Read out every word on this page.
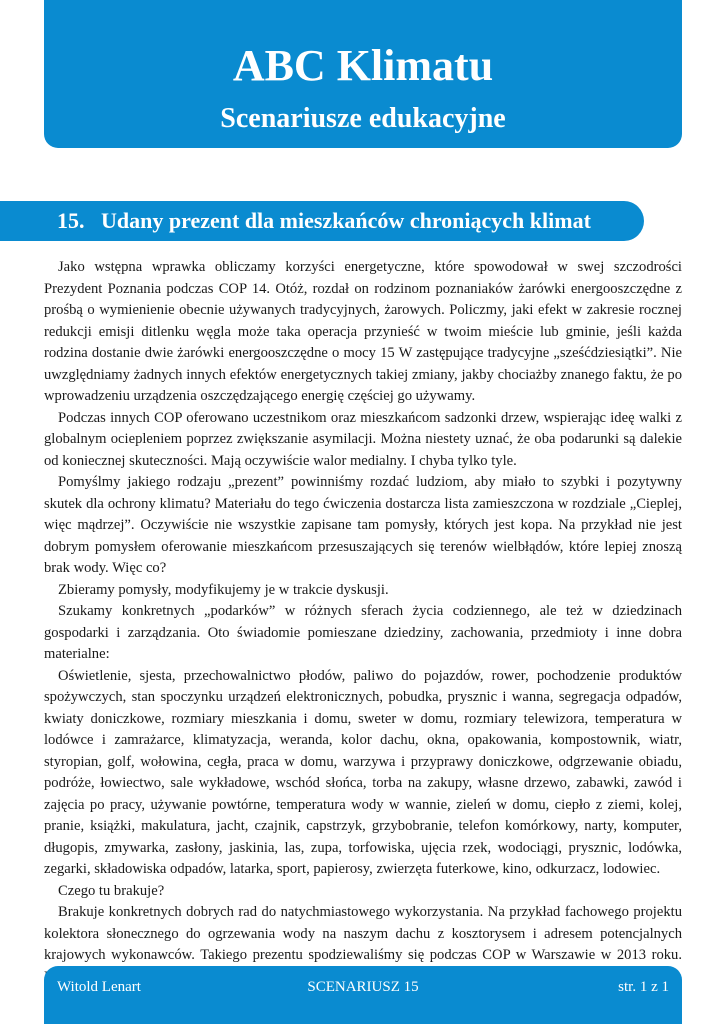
ABC Klimatu
Scenariusze edukacyjne
15. Udany prezent dla mieszkańców chroniących klimat

Jako wstępna wprawka obliczamy korzyści energetyczne, które spowodował w swej szczodrości Prezydent Poznania podczas COP 14. Otóż, rozdał on rodzinom poznaniaków żarówki energooszczędne z prośbą o wymienienie obecnie używanych tradycyjnych, żarowych. Policzmy, jaki efekt w zakresie rocznej redukcji emisji ditlenku węgla może taka operacja przynieść w twoim mieście lub gminie, jeśli każda rodzina dostanie dwie żarówki energooszczędne o mocy 15 W zastępujące tradycyjne „sześćdziesiątki”. Nie uwzględniamy żadnych innych efektów energetycznych takiej zmiany, jakby chociażby znanego faktu, że po wprowadzeniu urządzenia oszczędzającego energię częściej go używamy.

Podczas innych COP oferowano uczestnikom oraz mieszkańcom sadzonki drzew, wspierając ideę walki z globalnym ociepleniem poprzez zwiększanie asymilacji. Można niestety uznać, że oba podarunki są dalekie od koniecznej skuteczności. Mają oczywiście walor medialny. I chyba tylko tyle.

Pomyślmy jakiego rodzaju „prezent” powinniśmy rozdać ludziom, aby miało to szybki i pozytywny skutek dla ochrony klimatu? Materiału do tego ćwiczenia dostarcza lista zamieszczona w rozdziale „Cieplej, więc mądrzej”. Oczywiście nie wszystkie zapisane tam pomysły, których jest kopa. Na przykład nie jest dobrym pomysłem oferowanie mieszkańcom przesuszających się terenów wielbłądów, które lepiej znoszą brak wody. Więc co?

Zbieramy pomysły, modyfikujemy je w trakcie dyskusji.

Szukamy konkretnych „podarków” w różnych sferach życia codziennego, ale też w dziedzinach gospodarki i zarządzania. Oto świadomie pomieszane dziedziny, zachowania, przedmioty i inne dobra materialne:

Oświetlenie, sjesta, przechowalnictwo płodów, paliwo do pojazdów, rower, pochodzenie produktów spożywczych, stan spoczynku urządzeń elektronicznych, pobudka, prysznic i wanna, segregacja odpadów, kwiaty doniczkowe, rozmiary mieszkania i domu, sweter w domu, rozmiary telewizora, temperatura w lodówce i zamrażarce, klimatyzacja, weranda, kolor dachu, okna, opakowania, kompostownik, wiatr, styropian, golf, wołowina, cegła, praca w domu, warzywa i przyprawy doniczkowe, odgrzewanie obiadu, podróże, łowiectwo, sale wykładowe, wschód słońca, torba na zakupy, własne drzewo, zabawki, zawód i zajęcia po pracy, używanie powtórne, temperatura wody w wannie, zieleń w domu, ciepło z ziemi, kolej, pranie, książki, makulatura, jacht, czajnik, capstrzyk, grzybobranie, telefon komórkowy, narty, komputer, długopis, zmywarka, zasłony, jaskinia, las, zupa, torfowiska, ujęcia rzek, wodociągi, prysznic, lodówka, zegarki, składowiska odpadów, latarka, sport, papierosy, zwierzęta futerkowe, kino, odkurzacz, lodowiec.

Czego tu brakuje?

Brakuje konkretnych dobrych rad do natychmiastowego wykorzystania. Na przykład fachowego projektu kolektora słonecznego do ogrzewania wody na naszym dachu z kosztorysem i adresem potencjalnych krajowych wykonawców. Takiego prezentu spodziewaliśmy się podczas COP w Warszawie w 2013 roku.

Witold Lenart	SCENARIUSZ 15	str. 1 z 1
